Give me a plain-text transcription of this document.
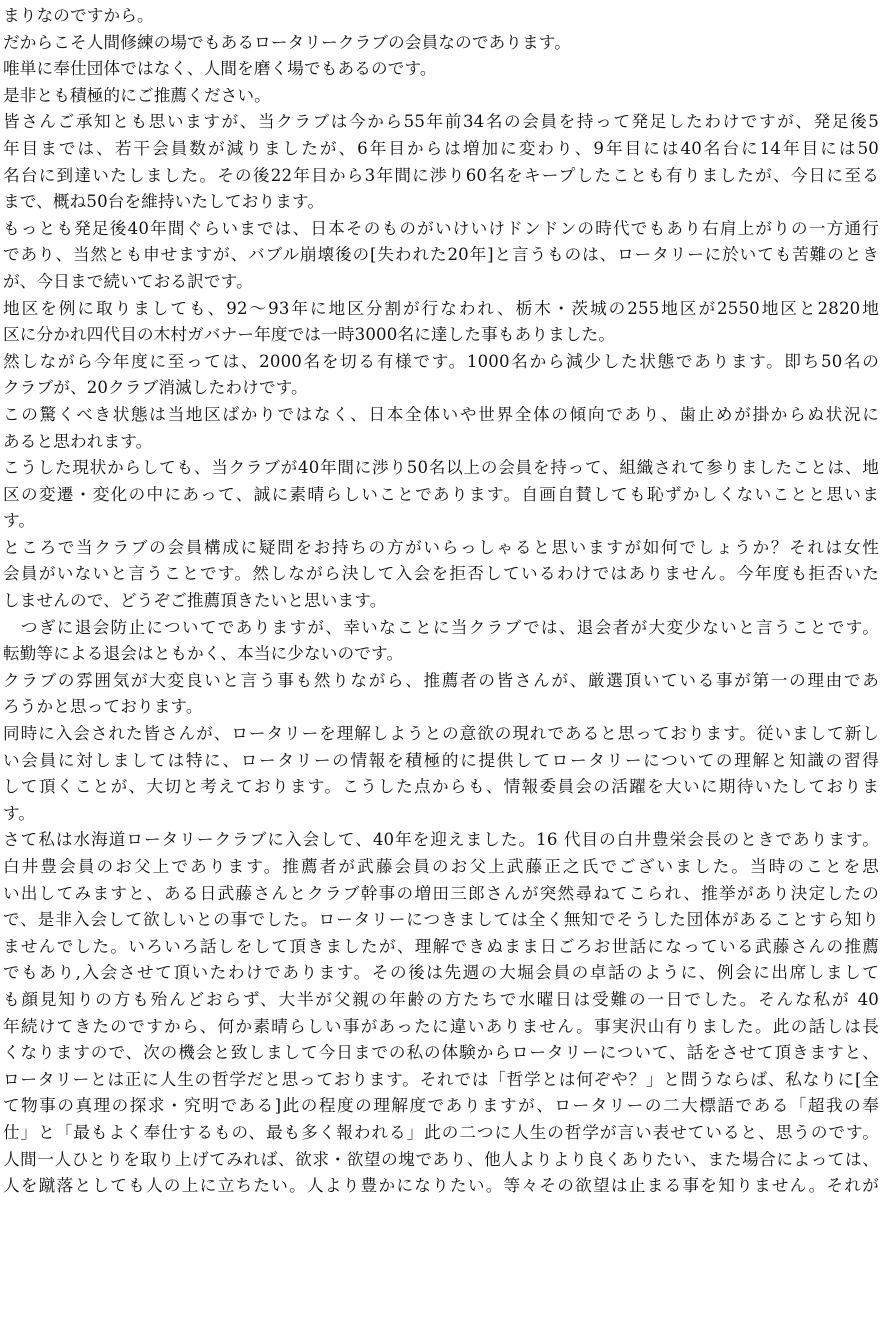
まりなのですから。
だからこそ人間修練の場でもあるロータリークラブの会員なのであります。
唯単に奉仕団体ではなく、人間を磨く場でもあるのです。
是非とも積極的にご推薦ください。
皆さんご承知とも思いますが、当クラブは今から55年前34名の会員を持って発足したわけですが、発足後5
年目までは、若干会員数が減りましたが、6年目からは増加に変わり、9年目には40名台に14年目には50
名台に到達いたしました。その後22年目から3年間に渉り60名をキープしたことも有りましたが、今日に至る
まで、概ね50台を維持いたしております。
もっとも発足後40年間ぐらいまでは、日本そのものがいけいけドンドンの時代でもあり右肩上がりの一方通行
であり、当然とも申せますが、バブル崩壊後の[失われた20年]と言うものは、ロータリーに於いても苦難のとき
が、今日まで続いておる訳です。
地区を例に取りましても、92～93年に地区分割が行なわれ、栃木・茨城の255地区が2550地区と2820地
区に分かれ四代目の木村ガバナー年度では一時3000名に達した事もありました。
然しながら今年度に至っては、2000名を切る有様です。1000名から減少した状態であります。即ち50名の
クラブが、20クラブ消滅したわけです。
この驚くべき状態は当地区ばかりではなく、日本全体いや世界全体の傾向であり、歯止めが掛からぬ状況に
あると思われます。
こうした現状からしても、当クラブが40年間に渉り50名以上の会員を持って、組織されて参りましたことは、地
区の変遷・変化の中にあって、誠に素晴らしいことであります。自画自賛しても恥ずかしくないことと思いま
す。
ところで当クラブの会員構成に疑問をお持ちの方がいらっしゃると思いますが如何でしょうか？それは女性
会員がいないと言うことです。然しながら決して入会を拒否しているわけではありません。今年度も拒否いた
しませんので、どうぞご推薦頂きたいと思います。
　つぎに退会防止についてでありますが、幸いなことに当クラブでは、退会者が大変少ないと言うことです。
転勤等による退会はともかく、本当に少ないのです。
クラブの雰囲気が大変良いと言う事も然りながら、推薦者の皆さんが、厳選頂いている事が第一の理由であ
ろうかと思っております。
同時に入会された皆さんが、ロータリーを理解しようとの意欲の現れであると思っております。従いまして新し
い会員に対しましては特に、ロータリーの情報を積極的に提供してロータリーについての理解と知識の習得
して頂くことが、大切と考えております。こうした点からも、情報委員会の活躍を大いに期待いたしておりま
す。
さて私は水海道ロータリークラブに入会して、40年を迎えました。16 代目の白井豊栄会長のときであります。
白井豊会員のお父上であります。推薦者が武藤会員のお父上武藤正之氏でございました。当時のことを思
い出してみますと、ある日武藤さんとクラブ幹事の増田三郎さんが突然尋ねてこられ、推挙があり決定したの
で、是非入会して欲しいとの事でした。ロータリーにつきましては全く無知でそうした団体があることすら知り
ませんでした。いろいろ話しをして頂きましたが、理解できぬまま日ごろお世話になっている武藤さんの推薦
でもあり,入会させて頂いたわけであります。その後は先週の大堀会員の卓話のように、例会に出席しまして
も顔見知りの方も殆んどおらず、大半が父親の年齢の方たちで水曜日は受難の一日でした。そんな私が 40
年続けてきたのですから、何か素晴らしい事があったに違いありません。事実沢山有りました。此の話しは長
くなりますので、次の機会と致しまして今日までの私の体験からロータリーについて、話をさせて頂きますと、
ロータリーとは正に人生の哲学だと思っております。それでは「哲学とは何ぞや？」と問うならば、私なりに[全
て物事の真理の探求・究明である]此の程度の理解度でありますが、ロータリーの二大標語である「超我の奉
仕」と「最もよく奉仕するもの、最も多く報われる」此の二つに人生の哲学が言い表せていると、思うのです。
人間一人ひとりを取り上げてみれば、欲求・欲望の塊であり、他人よりより良くありたい、また場合によっては、
人を蹴落としても人の上に立ちたい。人より豊かになりたい。等々その欲望は止まる事を知りません。それが
